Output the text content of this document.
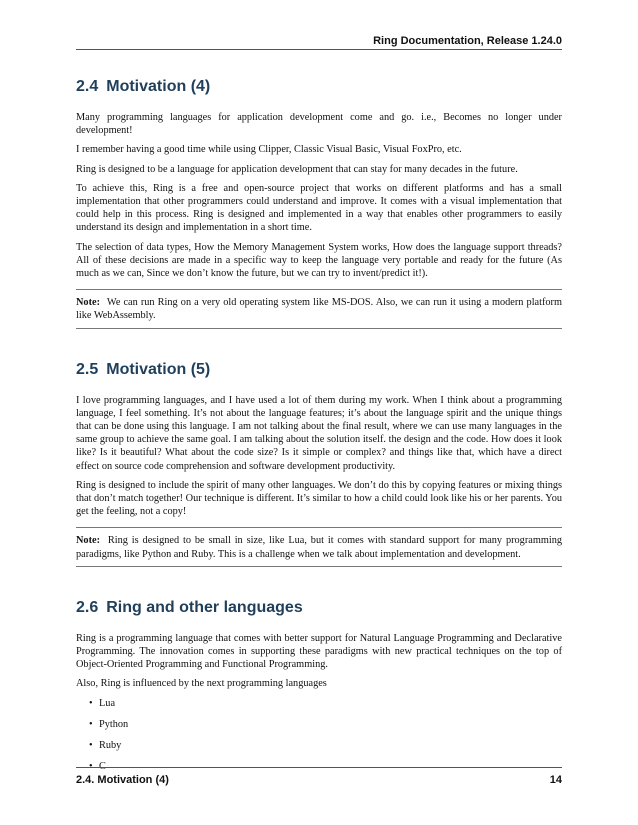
Ring Documentation, Release 1.24.0
2.4 Motivation (4)

Many programming languages for application development come and go. i.e., Becomes no longer under development!

I remember having a good time while using Clipper, Classic Visual Basic, Visual FoxPro, etc.

Ring is designed to be a language for application development that can stay for many decades in the future.

To achieve this, Ring is a free and open-source project that works on different platforms and has a small implementation that other programmers could understand and improve. It comes with a visual implementation that could help in this process. Ring is designed and implemented in a way that enables other programmers to easily understand its design and implementation in a short time.

The selection of data types, How the Memory Management System works, How does the language support threads? All of these decisions are made in a specific way to keep the language very portable and ready for the future (As much as we can, Since we don’t know the future, but we can try to invent/predict it!).

Note: We can run Ring on a very old operating system like MS-DOS. Also, we can run it using a modern platform like WebAssembly.

2.5 Motivation (5)

I love programming languages, and I have used a lot of them during my work. When I think about a programming language, I feel something. It’s not about the language features; it’s about the language spirit and the unique things that can be done using this language. I am not talking about the final result, where we can use many languages in the same group to achieve the same goal. I am talking about the solution itself. the design and the code. How does it look like? Is it beautiful? What about the code size? Is it simple or complex? and things like that, which have a direct effect on source code comprehension and software development productivity.

Ring is designed to include the spirit of many other languages. We don’t do this by copying features or mixing things that don’t match together! Our technique is different. It’s similar to how a child could look like his or her parents. You get the feeling, not a copy!

Note: Ring is designed to be small in size, like Lua, but it comes with standard support for many programming paradigms, like Python and Ruby. This is a challenge when we talk about implementation and development.

2.6 Ring and other languages

Ring is a programming language that comes with better support for Natural Language Programming and Declarative Programming. The innovation comes in supporting these paradigms with new practical techniques on the top of Object-Oriented Programming and Functional Programming.

Also, Ring is influenced by the next programming languages

• Lua
• Python
• Ruby
• C
2.4. Motivation (4)	14
